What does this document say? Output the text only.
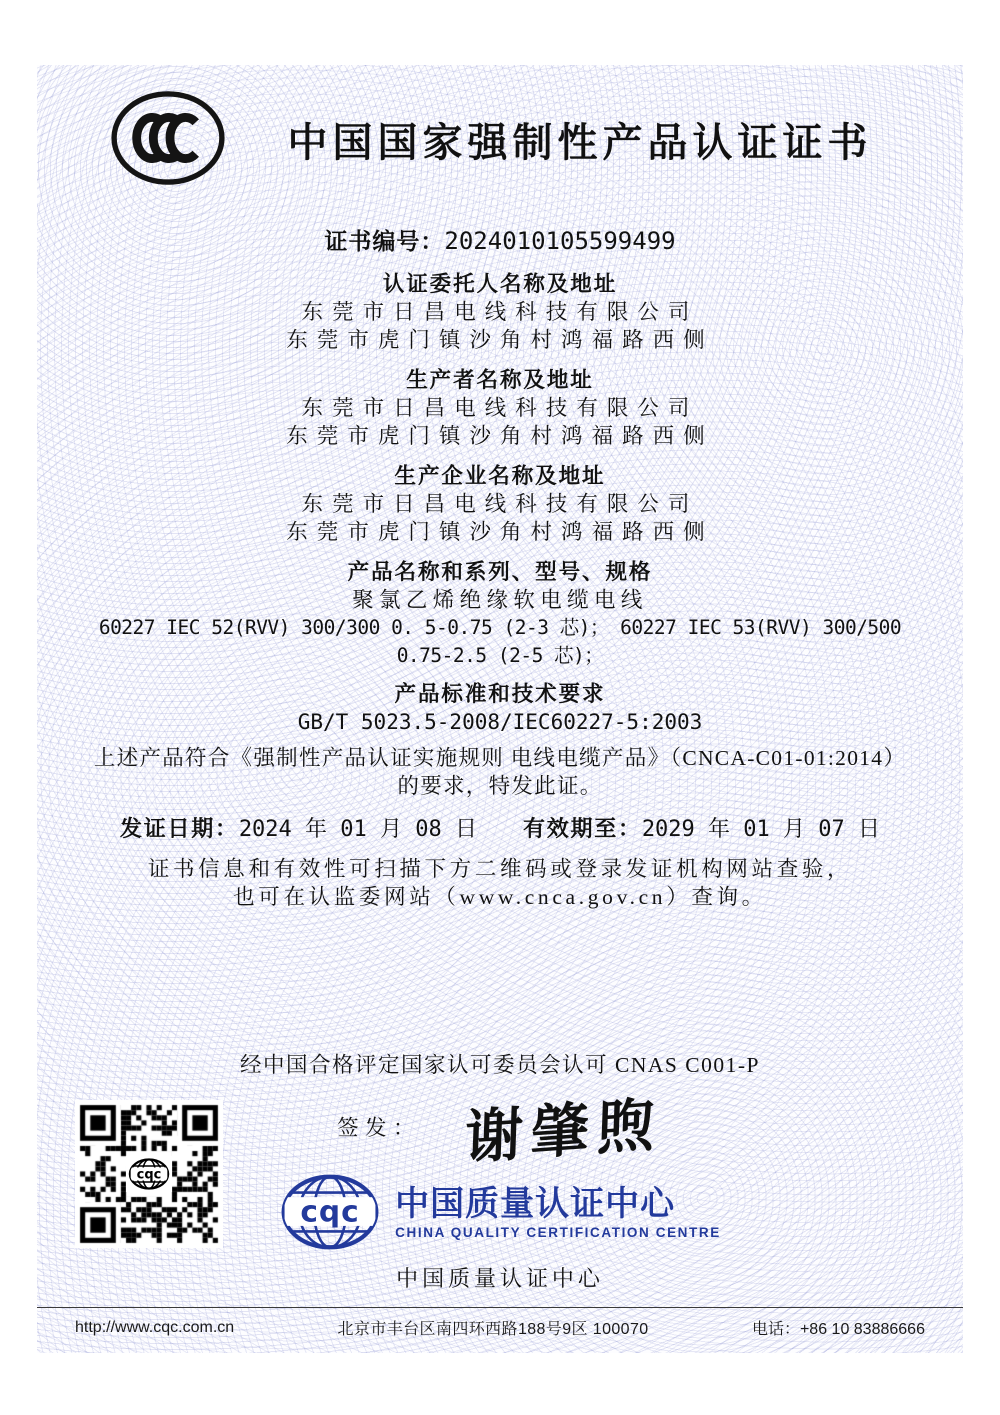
中国国家强制性产品认证证书
证书编号：2024010105599499
认证委托人名称及地址
东莞市日昌电线科技有限公司
东莞市虎门镇沙角村鸿福路西侧
生产者名称及地址
东莞市日昌电线科技有限公司
东莞市虎门镇沙角村鸿福路西侧
生产企业名称及地址
东莞市日昌电线科技有限公司
东莞市虎门镇沙角村鸿福路西侧
产品名称和系列、型号、规格
聚氯乙烯绝缘软电缆电线
60227 IEC 52(RVV) 300/300 0. 5-0.75 (2-3 芯)； 60227 IEC 53(RVV) 300/500
0.75-2.5 (2-5 芯)；
产品标准和技术要求
GB/T 5023.5-2008/IEC60227-5:2003
上述产品符合《强制性产品认证实施规则 电线电缆产品》（CNCA-C01-01:2014）
的要求，特发此证。
发证日期：2024 年 01 月 08 日 有效期至：2029 年 01 月 07 日
证书信息和有效性可扫描下方二维码或登录发证机构网站查验，
也可在认监委网站（www.cnca.gov.cn）查询。
经中国合格评定国家认可委员会认可 CNAS C001-P
签发： 谢肇煦
cqc
cqc 中国质量认证中心
CHINA QUALITY CERTIFICATION CENTRE
中国质量认证中心
http://www.cqc.com.cn	北京市丰台区南四环西路188号9区 100070	电话：+86 10 83886666
